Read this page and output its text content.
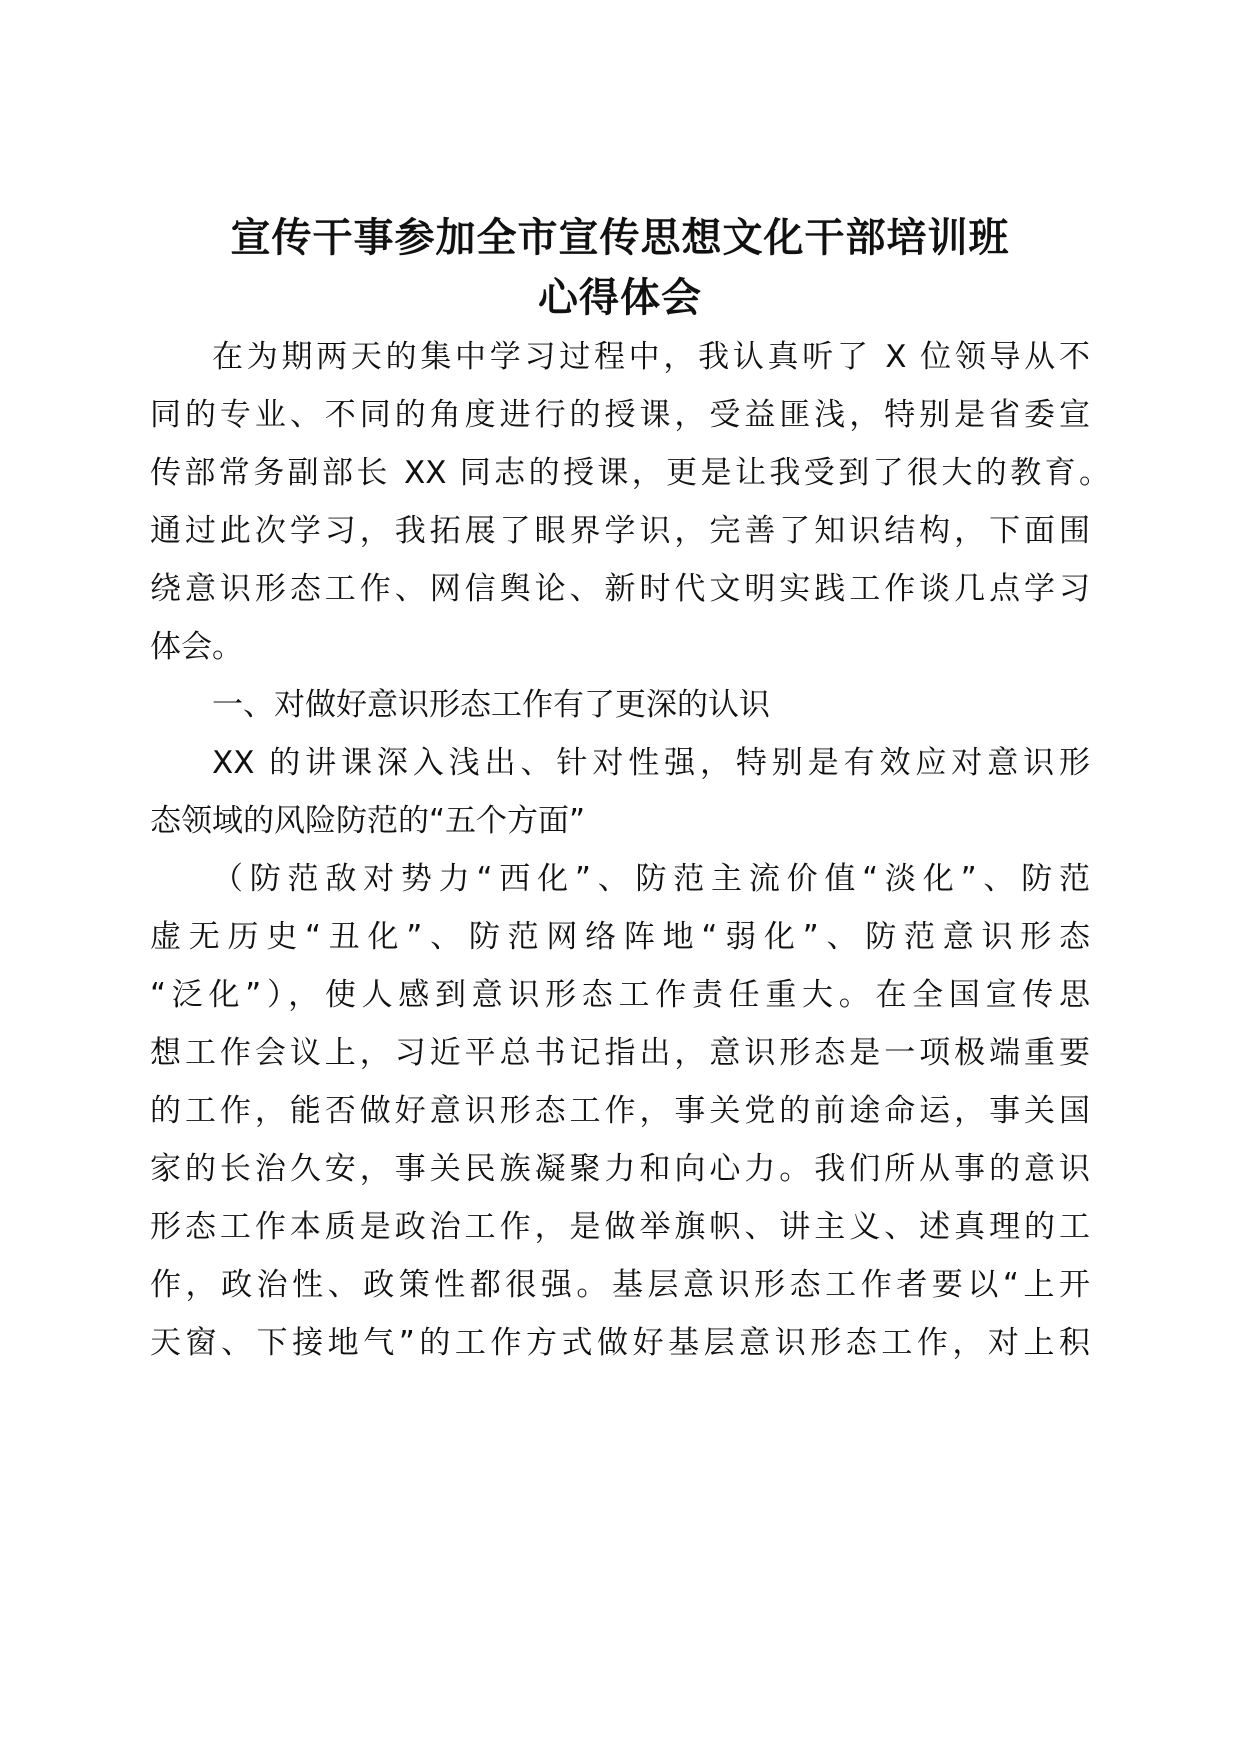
宣传干事参加全市宣传思想文化干部培训班
心得体会
在为期两天的集中学习过程中，我认真听了 X 位领导从不
同的专业、不同的角度进行的授课，受益匪浅，特别是省委宣
传部常务副部长 XX 同志的授课，更是让我受到了很大的教育。
通过此次学习，我拓展了眼界学识，完善了知识结构，下面围
绕意识形态工作、网信舆论、新时代文明实践工作谈几点学习
体会。
一、对做好意识形态工作有了更深的认识
XX 的讲课深入浅出、针对性强，特别是有效应对意识形
态领域的风险防范的“五个方面”
（防范敌对势力“西化”、防范主流价值“淡化”、防范
虚无历史“丑化”、防范网络阵地“弱化”、防范意识形态
“泛化”），使人感到意识形态工作责任重大。在全国宣传思
想工作会议上，习近平总书记指出，意识形态是一项极端重要
的工作，能否做好意识形态工作，事关党的前途命运，事关国
家的长治久安，事关民族凝聚力和向心力。我们所从事的意识
形态工作本质是政治工作，是做举旗帜、讲主义、述真理的工
作，政治性、政策性都很强。基层意识形态工作者要以“上开
天窗、下接地气”的工作方式做好基层意识形态工作，对上积
